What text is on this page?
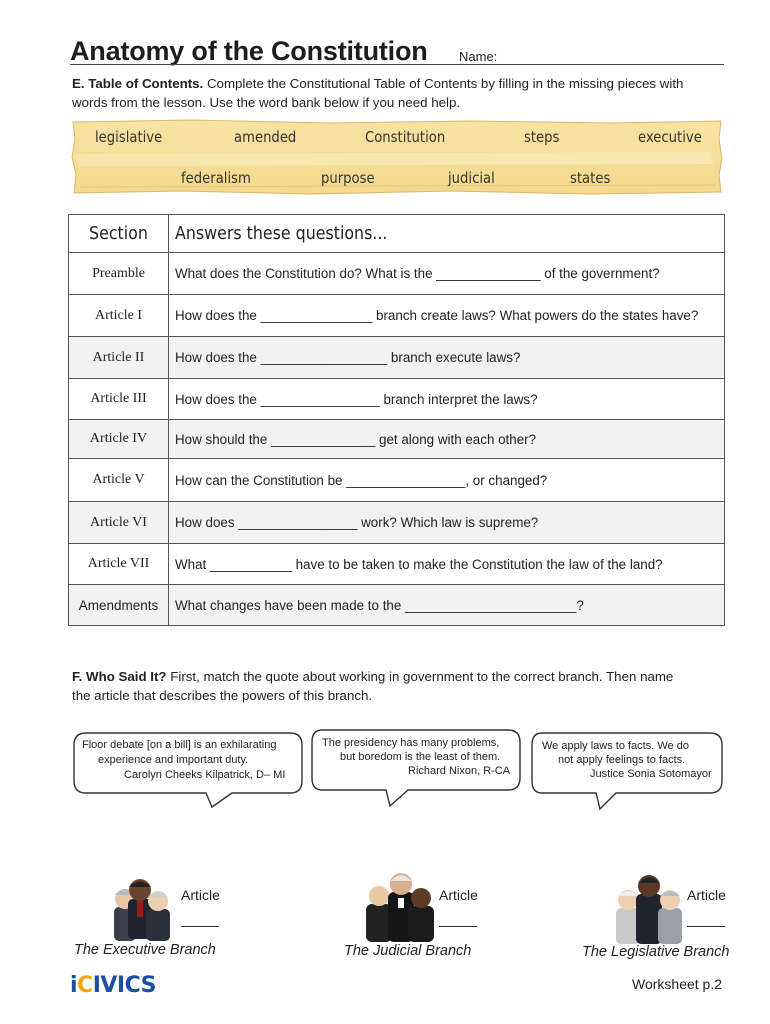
Anatomy of the Constitution Name:
E. Table of Contents. Complete the Constitutional Table of Contents by filling in the missing pieces with
words from the lesson. Use the word bank below if you need help.
legislative	amended	Constitution	steps	executive
federalism	purpose	judicial	states
Section	Answers these questions...
Preamble	What does the Constitution do? What is the ______________ of the government?
Article I	How does the _______________ branch create laws? What powers do the states have?
Article II	How does the _________________ branch execute laws?
Article III	How does the ________________ branch interpret the laws?
Article IV	How should the ______________ get along with each other?
Article V	How can the Constitution be ________________, or changed?
Article VI	How does ________________ work? Which law is supreme?
Article VII	What ___________ have to be taken to make the Constitution the law of the land?
Amendments	What changes have been made to the _______________________?
F. Who Said It? First, match the quote about working in government to the correct branch. Then name
the article that describes the powers of this branch.
Floor debate [on a bill] is an exhilarating
experience and important duty.
Carolyn Cheeks Kilpatrick, D– MI
The presidency has many problems,
but boredom is the least of them.
Richard Nixon, R-CA
We apply laws to facts. We do
not apply feelings to facts.
Justice Sonia Sotomayor
Article
The Executive Branch
Article
The Judicial Branch
Article
The Legislative Branch
iCIVICS	Worksheet p.2
